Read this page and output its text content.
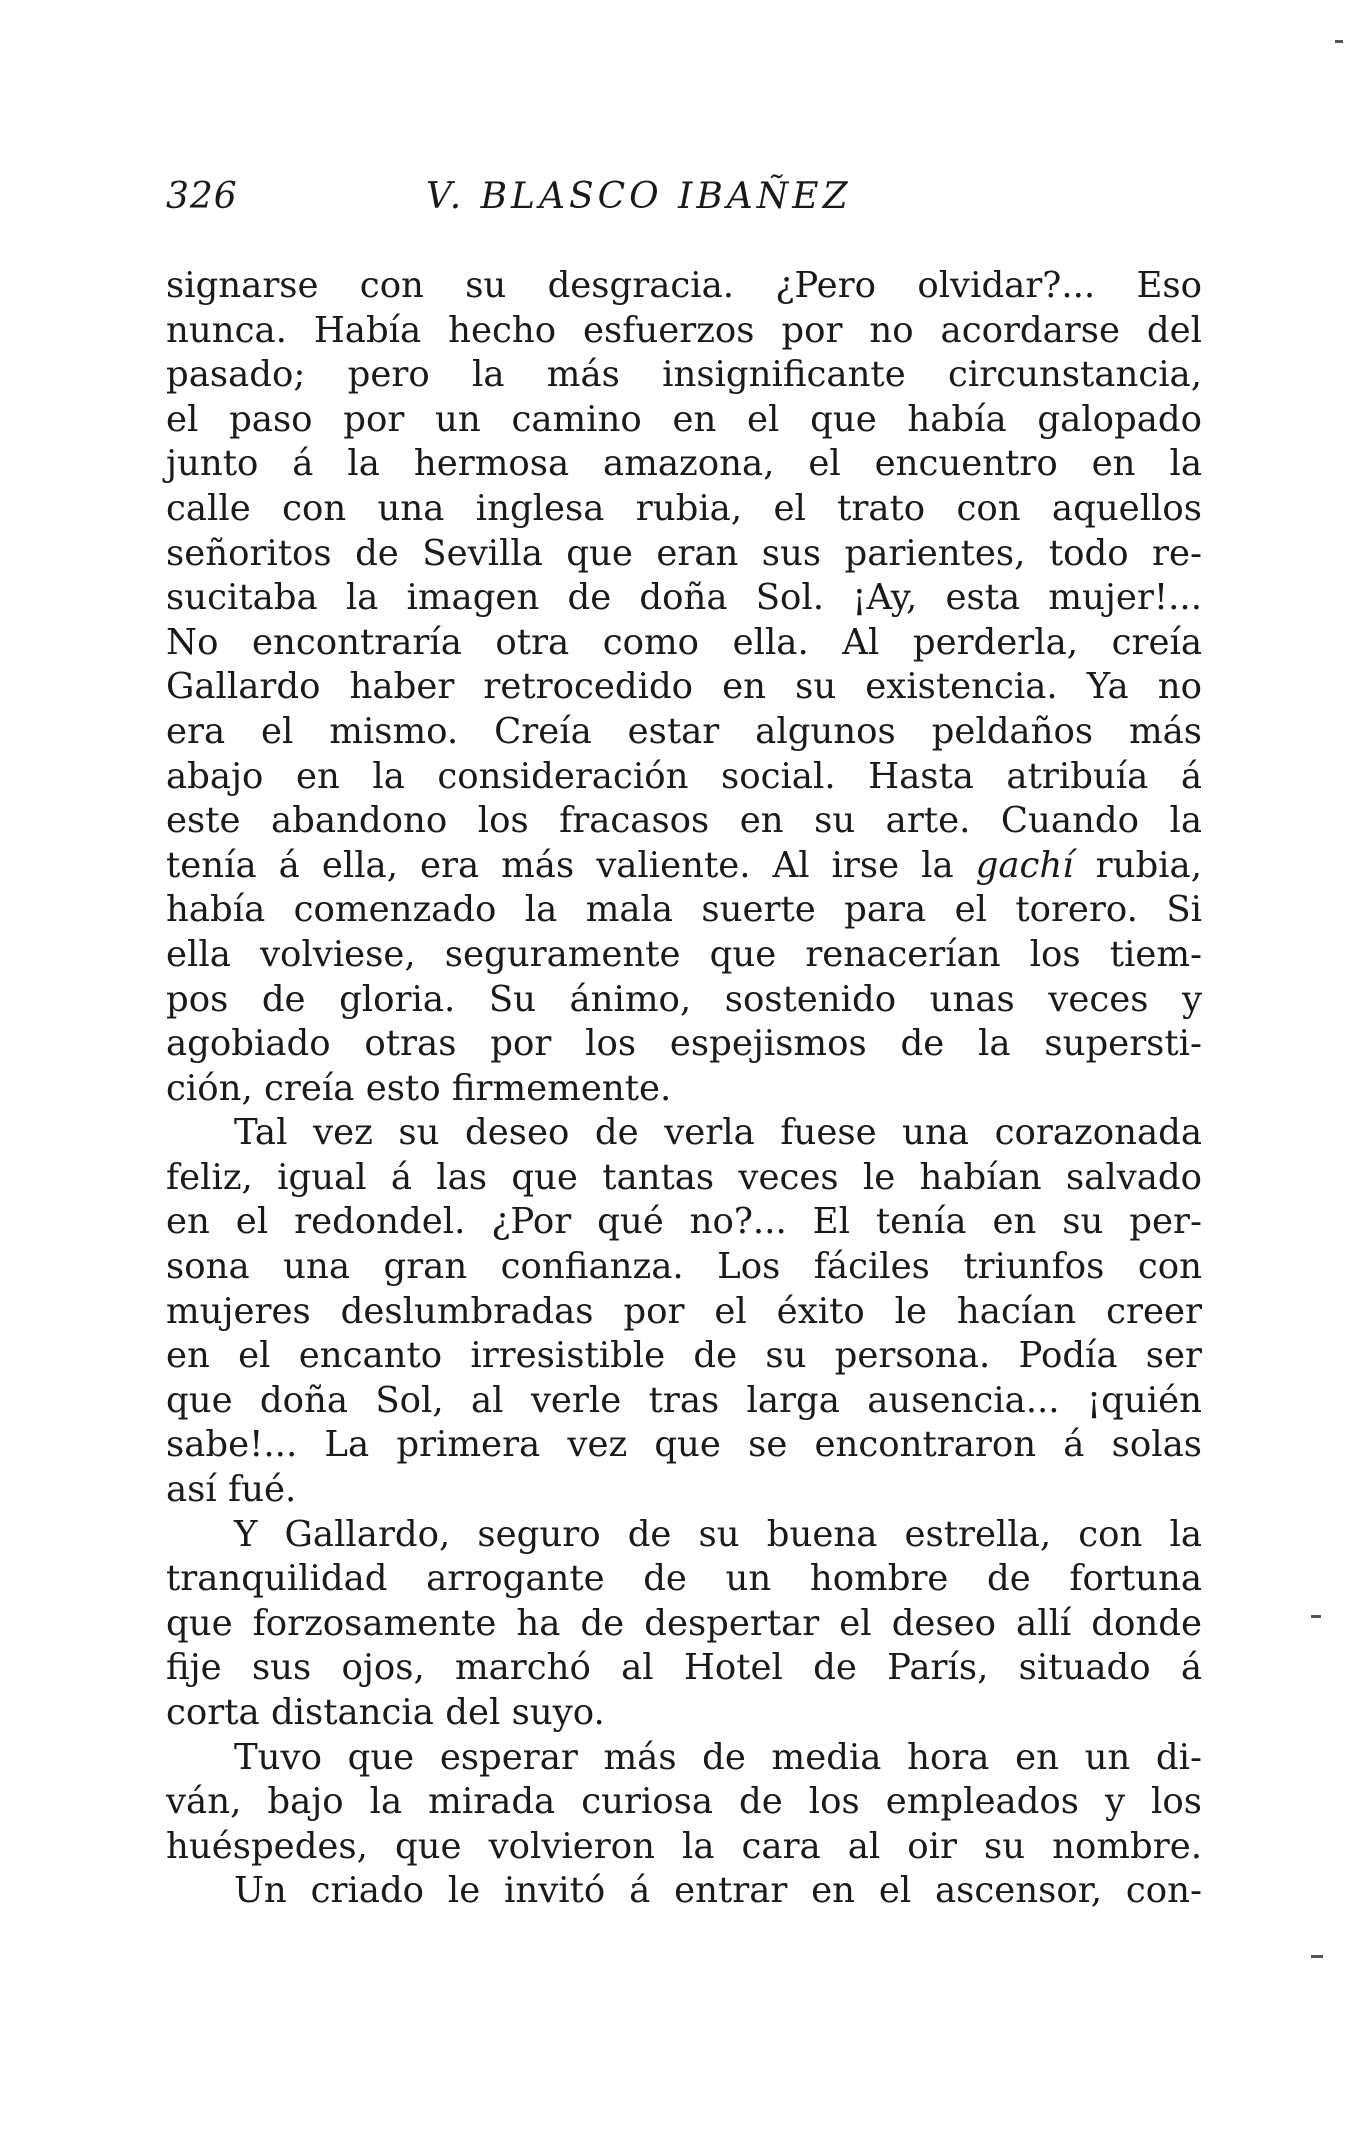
326	V. BLASCO IBAÑEZ
signarse con su desgracia. ¿Pero olvidar?... Eso
nunca. Había hecho esfuerzos por no acordarse del
pasado; pero la más insignificante circunstancia,
el paso por un camino en el que había galopado
junto á la hermosa amazona, el encuentro en la
calle con una inglesa rubia, el trato con aquellos
señoritos de Sevilla que eran sus parientes, todo re-
sucitaba la imagen de doña Sol. ¡Ay, esta mujer!...
No encontraría otra como ella. Al perderla, creía
Gallardo haber retrocedido en su existencia. Ya no
era el mismo. Creía estar algunos peldaños más
abajo en la consideración social. Hasta atribuía á
este abandono los fracasos en su arte. Cuando la
tenía á ella, era más valiente. Al irse la gachí rubia,
había comenzado la mala suerte para el torero. Si
ella volviese, seguramente que renacerían los tiem-
pos de gloria. Su ánimo, sostenido unas veces y
agobiado otras por los espejismos de la supersti-
ción, creía esto firmemente.
Tal vez su deseo de verla fuese una corazonada
feliz, igual á las que tantas veces le habían salvado
en el redondel. ¿Por qué no?... El tenía en su per-
sona una gran confianza. Los fáciles triunfos con
mujeres deslumbradas por el éxito le hacían creer
en el encanto irresistible de su persona. Podía ser
que doña Sol, al verle tras larga ausencia... ¡quién
sabe!... La primera vez que se encontraron á solas
así fué.
Y Gallardo, seguro de su buena estrella, con la
tranquilidad arrogante de un hombre de fortuna
que forzosamente ha de despertar el deseo allí donde
fije sus ojos, marchó al Hotel de París, situado á
corta distancia del suyo.
Tuvo que esperar más de media hora en un di-
ván, bajo la mirada curiosa de los empleados y los
huéspedes, que volvieron la cara al oir su nombre.
Un criado le invitó á entrar en el ascensor, con-
